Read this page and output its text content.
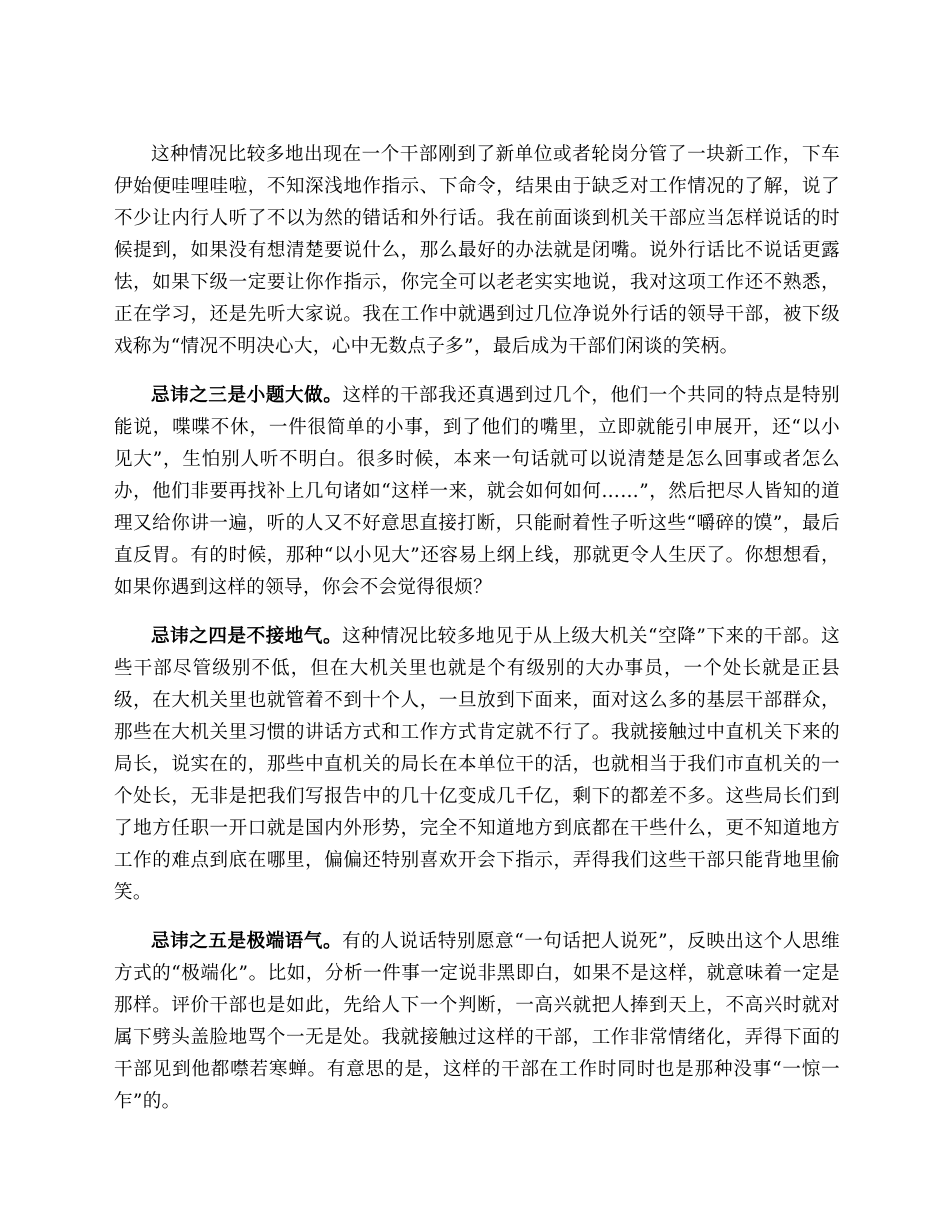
这种情况比较多地出现在一个干部刚到了新单位或者轮岗分管了一块新工作，下车伊始便哇哩哇啦，不知深浅地作指示、下命令，结果由于缺乏对工作情况的了解，说了不少让内行人听了不以为然的错话和外行话。我在前面谈到机关干部应当怎样说话的时候提到，如果没有想清楚要说什么，那么最好的办法就是闭嘴。说外行话比不说话更露怯，如果下级一定要让你作指示，你完全可以老老实实地说，我对这项工作还不熟悉，正在学习，还是先听大家说。我在工作中就遇到过几位净说外行话的领导干部，被下级戏称为“情况不明决心大，心中无数点子多”，最后成为干部们闲谈的笑柄。

忌讳之三是小题大做。这样的干部我还真遇到过几个，他们一个共同的特点是特别能说，喋喋不休，一件很简单的小事，到了他们的嘴里，立即就能引申展开，还“以小见大”，生怕别人听不明白。很多时候，本来一句话就可以说清楚是怎么回事或者怎么办，他们非要再找补上几句诸如“这样一来，就会如何如何……”，然后把尽人皆知的道理又给你讲一遍，听的人又不好意思直接打断，只能耐着性子听这些“嚼碎的馍”，最后直反胃。有的时候，那种“以小见大”还容易上纲上线，那就更令人生厌了。你想想看，如果你遇到这样的领导，你会不会觉得很烦？

忌讳之四是不接地气。这种情况比较多地见于从上级大机关“空降”下来的干部。这些干部尽管级别不低，但在大机关里也就是个有级别的大办事员，一个处长就是正县级，在大机关里也就管着不到十个人，一旦放到下面来，面对这么多的基层干部群众，那些在大机关里习惯的讲话方式和工作方式肯定就不行了。我就接触过中直机关下来的局长，说实在的，那些中直机关的局长在本单位干的活，也就相当于我们市直机关的一个处长，无非是把我们写报告中的几十亿变成几千亿，剩下的都差不多。这些局长们到了地方任职一开口就是国内外形势，完全不知道地方到底都在干些什么，更不知道地方工作的难点到底在哪里，偏偏还特别喜欢开会下指示，弄得我们这些干部只能背地里偷笑。

忌讳之五是极端语气。有的人说话特别愿意“一句话把人说死”，反映出这个人思维方式的“极端化”。比如，分析一件事一定说非黑即白，如果不是这样，就意味着一定是那样。评价干部也是如此，先给人下一个判断，一高兴就把人捧到天上，不高兴时就对属下劈头盖脸地骂个一无是处。我就接触过这样的干部，工作非常情绪化，弄得下面的干部见到他都噤若寒蝉。有意思的是，这样的干部在工作时同时也是那种没事“一惊一乍”的。
